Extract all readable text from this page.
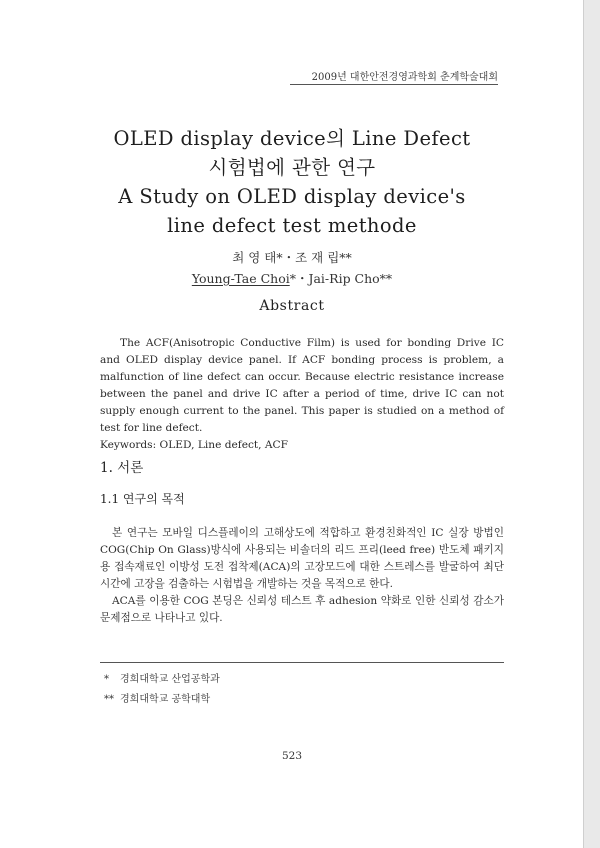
2009년 대한안전경영과학회 춘계학술대회
OLED display device의 Line Defect
시험법에 관한 연구
A Study on OLED display device's
line defect test methode
최 영 태*・조 재 립**
Young-Tae Choi*・Jai-Rip Cho**
Abstract

The ACF(Anisotropic Conductive Film) is used for bonding Drive IC and OLED display device panel. If ACF bonding process is problem, a malfunction of line defect can occur. Because electric resistance increase between the panel and drive IC after a period of time, drive IC can not supply enough current to the panel. This paper is studied on a method of test for line defect.

Keywords: OLED, Line defect, ACF
1. 서론
1.1 연구의 목적

본 연구는 모바일 디스플레이의 고해상도에 적합하고 환경친화적인 IC 실장 방법인 COG(Chip On Glass)방식에 사용되는 비솔더의 리드 프리(leed free) 반도체 패키지용 접속재료인 이방성 도전 접착제(ACA)의 고장모드에 대한 스트레스를 발굴하여 최단시간에 고장을 검출하는 시험법을 개발하는 것을 목적으로 한다.

ACA를 이용한 COG 본딩은 신뢰성 테스트 후 adhesion 약화로 인한 신뢰성 감소가 문제점으로 나타나고 있다.

* 경희대학교 산업공학과
** 경희대학교 공학대학
523
